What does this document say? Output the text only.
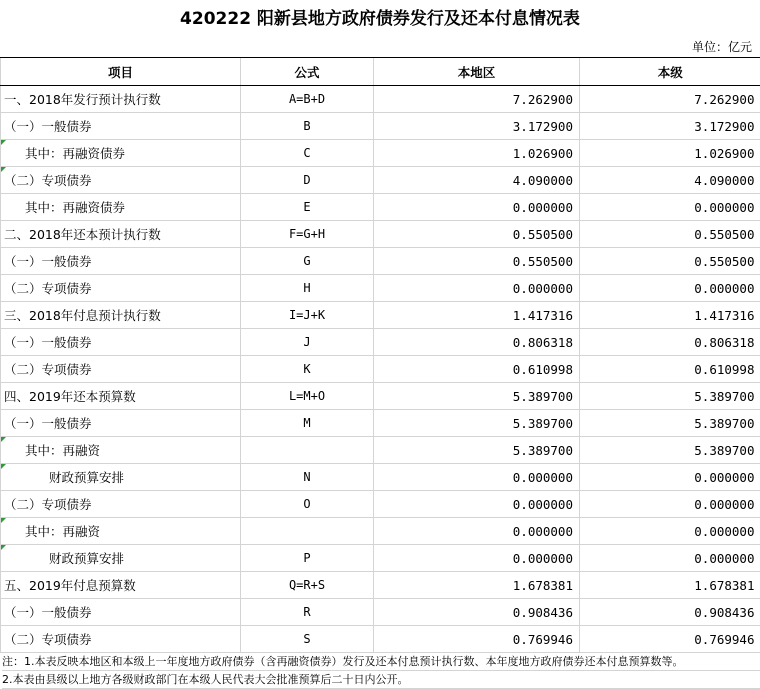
420222 阳新县地方政府债券发行及还本付息情况表
单位：亿元
项目	公式	本地区	本级
一、2018年发行预计执行数	A=B+D	7.262900	7.262900
（一）一般债券	B	3.172900	3.172900
其中：再融资债券	C	1.026900	1.026900
（二）专项债券	D	4.090000	4.090000
其中：再融资债券	E	0.000000	0.000000
二、2018年还本预计执行数	F=G+H	0.550500	0.550500
（一）一般债券	G	0.550500	0.550500
（二）专项债券	H	0.000000	0.000000
三、2018年付息预计执行数	I=J+K	1.417316	1.417316
（一）一般债券	J	0.806318	0.806318
（二）专项债券	K	0.610998	0.610998
四、2019年还本预算数	L=M+O	5.389700	5.389700
（一）一般债券	M	5.389700	5.389700
其中：再融资		5.389700	5.389700
财政预算安排	N	0.000000	0.000000
（二）专项债券	O	0.000000	0.000000
其中：再融资		0.000000	0.000000
财政预算安排	P	0.000000	0.000000
五、2019年付息预算数	Q=R+S	1.678381	1.678381
（一）一般债券	R	0.908436	0.908436
（二）专项债券	S	0.769946	0.769946
注：1.本表反映本地区和本级上一年度地方政府债券（含再融资债券）发行及还本付息预计执行数、本年度地方政府债券还本付息预算数等。
2.本表由县级以上地方各级财政部门在本级人民代表大会批准预算后二十日内公开。
